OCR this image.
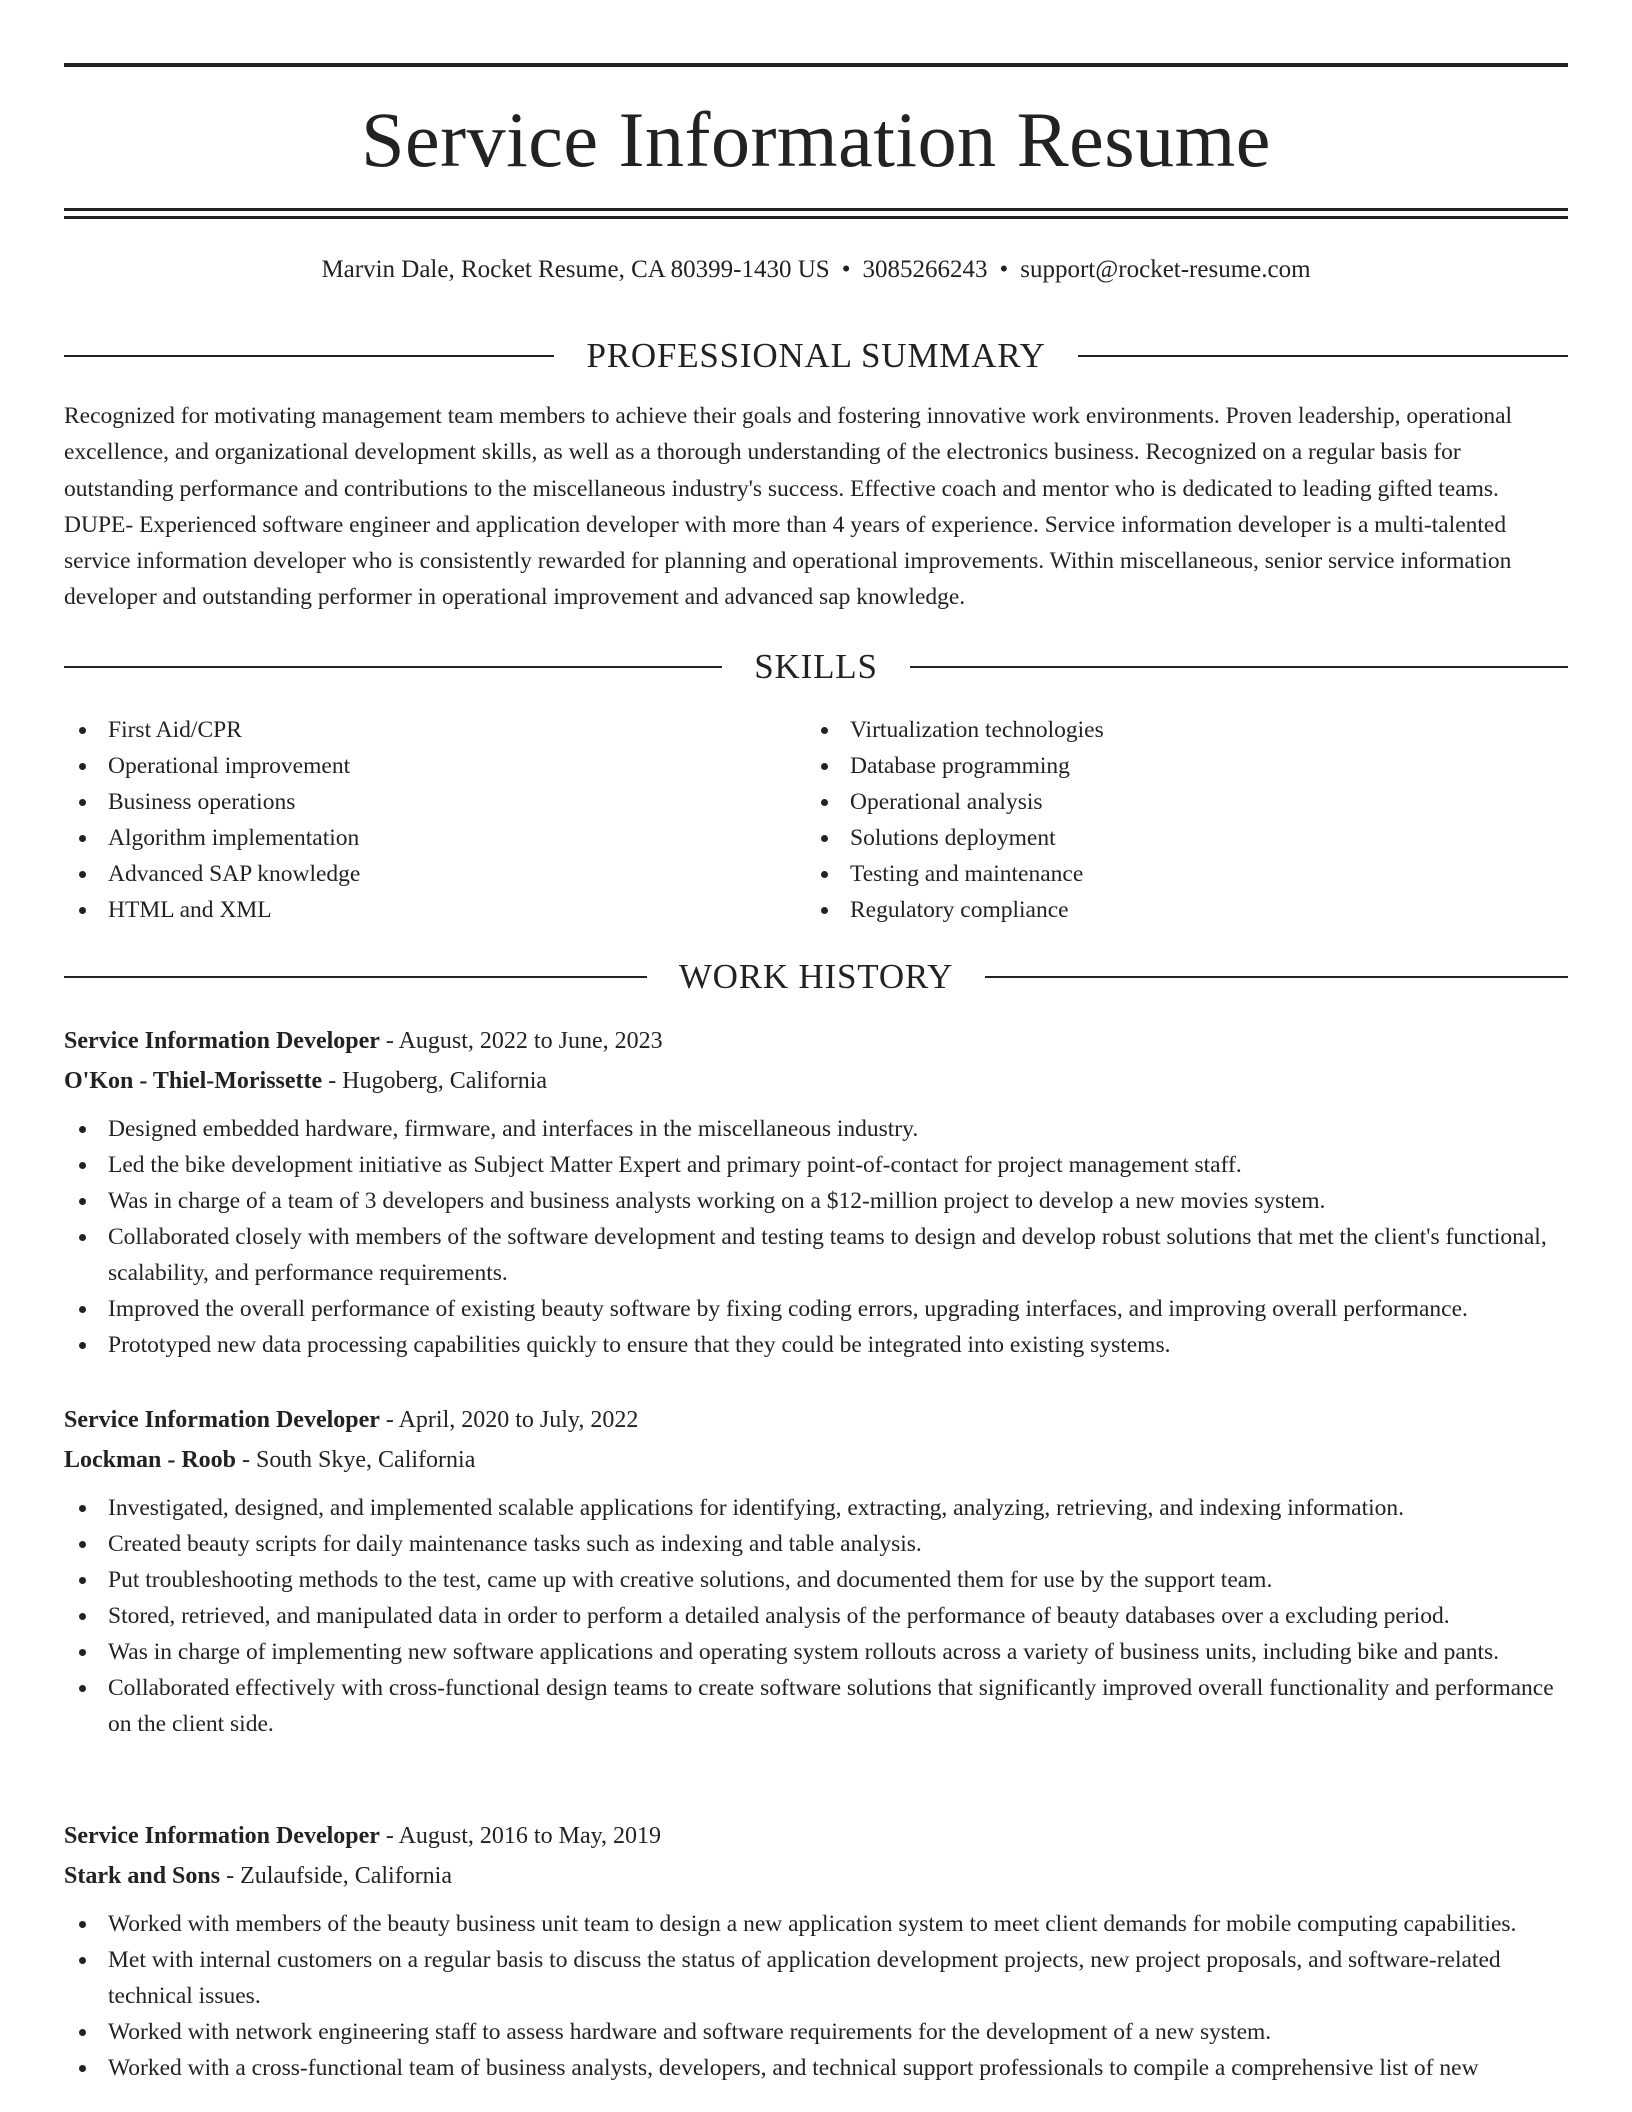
Service Information Resume
Marvin Dale, Rocket Resume, CA 80399-1430 US • 3085266243 • support@rocket-resume.com
PROFESSIONAL SUMMARY

Recognized for motivating management team members to achieve their goals and fostering innovative work environments. Proven leadership, operational excellence, and organizational development skills, as well as a thorough understanding of the electronics business. Recognized on a regular basis for outstanding performance and contributions to the miscellaneous industry's success. Effective coach and mentor who is dedicated to leading gifted teams. DUPE- Experienced software engineer and application developer with more than 4 years of experience. Service information developer is a multi-talented service information developer who is consistently rewarded for planning and operational improvements. Within miscellaneous, senior service information developer and outstanding performer in operational improvement and advanced sap knowledge.

SKILLS
First Aid/CPR
Operational improvement
Business operations
Algorithm implementation
Advanced SAP knowledge
HTML and XML
Virtualization technologies
Database programming
Operational analysis
Solutions deployment
Testing and maintenance
Regulatory compliance
WORK HISTORY
Service Information Developer - August, 2022 to June, 2023
O'Kon - Thiel-Morissette - Hugoberg, California
Designed embedded hardware, firmware, and interfaces in the miscellaneous industry.
Led the bike development initiative as Subject Matter Expert and primary point-of-contact for project management staff.
Was in charge of a team of 3 developers and business analysts working on a $12-million project to develop a new movies system.
Collaborated closely with members of the software development and testing teams to design and develop robust solutions that met the client's functional, scalability, and performance requirements.
Improved the overall performance of existing beauty software by fixing coding errors, upgrading interfaces, and improving overall performance.
Prototyped new data processing capabilities quickly to ensure that they could be integrated into existing systems.
Service Information Developer - April, 2020 to July, 2022
Lockman - Roob - South Skye, California
Investigated, designed, and implemented scalable applications for identifying, extracting, analyzing, retrieving, and indexing information.
Created beauty scripts for daily maintenance tasks such as indexing and table analysis.
Put troubleshooting methods to the test, came up with creative solutions, and documented them for use by the support team.
Stored, retrieved, and manipulated data in order to perform a detailed analysis of the performance of beauty databases over a excluding period.
Was in charge of implementing new software applications and operating system rollouts across a variety of business units, including bike and pants.
Collaborated effectively with cross-functional design teams to create software solutions that significantly improved overall functionality and performance on the client side.
Service Information Developer - August, 2016 to May, 2019
Stark and Sons - Zulaufside, California
Worked with members of the beauty business unit team to design a new application system to meet client demands for mobile computing capabilities.
Met with internal customers on a regular basis to discuss the status of application development projects, new project proposals, and software-related technical issues.
Worked with network engineering staff to assess hardware and software requirements for the development of a new system.
Worked with a cross-functional team of business analysts, developers, and technical support professionals to compile a comprehensive list of new
